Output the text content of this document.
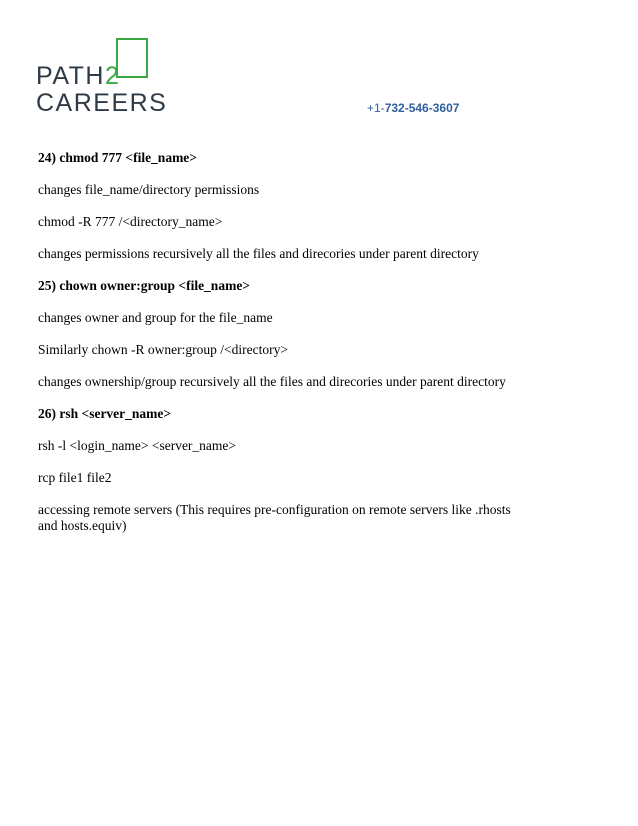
PATH2
CAREERS	+1-732-546-3607

24) chmod 777 <file_name>

changes file_name/directory permissions

chmod -R 777 /<directory_name>

changes permissions recursively all the files and direcories under parent directory

25) chown owner:group <file_name>

changes owner and group for the file_name

Similarly chown -R owner:group /<directory>

changes ownership/group recursively all the files and direcories under parent directory

26) rsh <server_name>

rsh -l <login_name> <server_name>

rcp file1 file2

accessing remote servers (This requires pre-configuration on remote servers like .rhosts

and hosts.equiv)
